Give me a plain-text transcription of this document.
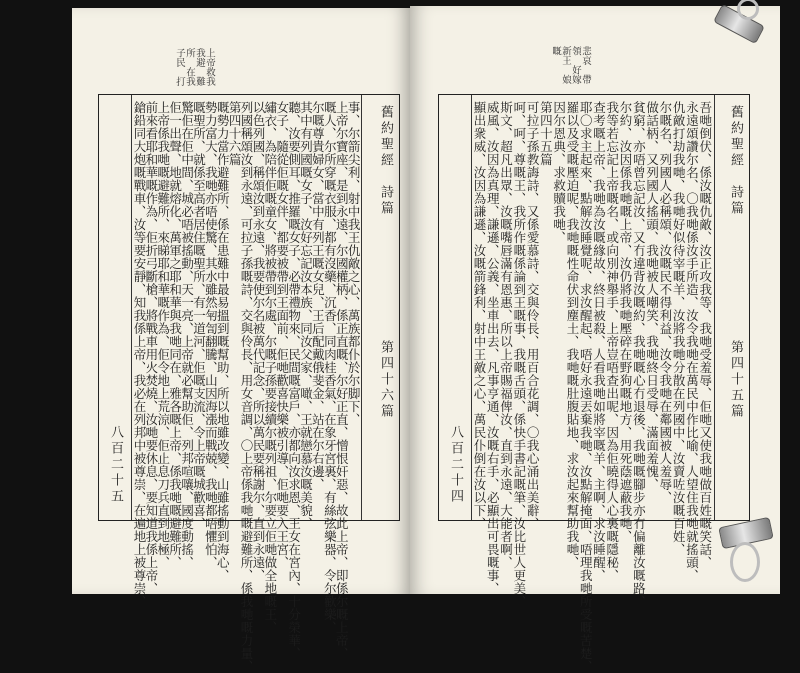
上帝救我　我避　難所　在我　子民　打
舊約聖經　詩篇
第四十六篇
八百二十五
事、尔箭尖利、射中我王仇敵之心、萬族都仆於尔脚下、
上帝尔寶座、是到永遠、尔國權柄、係正直嘅、尔好正直、憎恨奸惡、故此上帝、即係尔嘅上帝、
嘅人、尔所穿嘅衣服、都有沒藥、沉香、同肉桂香氣、在象牙宮裏、有絲弦樂器、令尔歡樂、
尔嘅尊貴婦女、當中有列王嘅女兒、王后配戴俄斐金、站在尔右邊、
其中有列國嘅女子、汝好忘記汝本族、同汝父家、噉、王就戀慕汝嘅美貌、
聽、汝要側耳、推羅嘅女子、必帶禮物來、民間嘅富戶、亦都向汝求恩、王女在宮內、十分榮華、
女子、隨從佢嘅女伴、都要被帶到王面前、佢哋歡喜快樂被引導、佢哋要入王宮、
繡衣、為陪伴佢嘅童女、將被帶到尔處、尔嘅子孫要接續尔嘅列祖、尔要立佢哋做全地嘅王、
以色列國、稱頌汝到永遠、我要使尔名被萬代記念、所以萬民要稱謝尔、直到永遠、
列國稱頌汝到永遠、可拉子孫嘅詩、交與伶長、用女音調、〇上帝係我哋嘅避難所、係我哋嘅力量、
第四十六篇
嘅勢力當作避難所、係在患難中最易搵到嘅幫助、所以地雖改變、山雖搖動到海心、
勢力富大、我哋亦唔使驚、其水雖然匉訇翻騰、山因海漲而戰兢、我哋都唔懼怕、
嘅聖所、就係至高者居住嘅聖所、有一道河、佢嘅支流、令上帝嘅城歡喜、
驚佢在佢中間、城必唔被搖動、天一亮、上帝就必幫助佢、列邦喧嚷、國度動搖、
佢一出聲、地就熔化、萬軍之耶和華與我哋同在、雅各嘅上帝、係我哋嘅避難所、
上帝係我哋嘅避難所、來睇耶和華嘅作為、佢令地上荒涼、佢止息刀兵直到地極、
前來看耶和華嘅作為、佢折弓斷槍、將戰車用火焚燒、汝哋要休息、要知道我係上帝、
鎗鉛同大炮嘅戰車、汝等要安靜、知我係上帝、我必在列邦中被尊崇、在遍地上被尊崇、
悲哀　帶領　好嫁　新王　娘　嘅
舊約聖經　詩篇
第四十五篇
八百二十四	吾哋倒伏、係汝嘅仇敵、汝正攻我等、我哋受羞辱、佢哋又使我哋做百姓嘅笑話、
永遠頌讚尔名、〇我哋係汝手所造、汝令我哋在萬民中作比喻、人望住我哋就搖頭、
仇敵打劫我哋、我哋好似待宰嘅羊、汝將我哋分散在列國中、汝賣咗汝嘅百姓、
尔嘅名、列國人必稱頌、汝嘅民不得利益、汝令我哋在鄰國被人羞辱、
做話柄、又列國人搖頭、我哋被人嘲笑、我哋終日受辱、滿面羞愧、
貧窮、亦唔曾忘記汝、又冇違背汝嘅約、我哋嘅心冇退後、我哋嘅腳步亦冇偏離汝嘅路、
尔約、汝因係我哋嘅上帝、汝仍將我哋壓碎在野狗嘅地方、用死蔭遮蔽我哋、
我等若忘記上帝嘅名、或向別神舉手、上帝豈唔查出呢、因為佢曉得人心裏嘅隱秘、
查考嘅上帝、我哋為汝嘅緣故、終日被殺、人看我哋如將宰嘅羊、主啊、求汝睡醒、
耶〇求主起來、點解汝睡覺呢、求汝醒起、唔好永遠丟棄我哋、汝點解掩面、唔理我哋所受嘅苦楚、
羅以及受嘅壓迫呢、我哋嘅性命伏到塵土、我哋嘅肚腹貼地、求汝起來幫助我哋、
因尔恩典、求救贖我哋、
第四十五篇
可拉子孫教誨詩、又係愛慕詩、交與伶長、用百合花調、〇我心涌出美辭、
呵、呵、尊嘅王、我所作嘅係論到王嘅事、我嘅舌頭、係快手書記嘅筆、汝比世人更美、
斯文、超凡出眾、汝嘅嘴唇滿有恩惠、所以上帝賜福俾汝、直到永遠、大能者啊、
威風、汝因為真理、謙遜、公義、坐車出去、凡事亨通、汝嘅右手、必顯出可畏嘅事、
顯出衆威、汝因為謙遜、汝嘅箭鋒利、射中王敵之心、萬民仆倒在汝以下、
